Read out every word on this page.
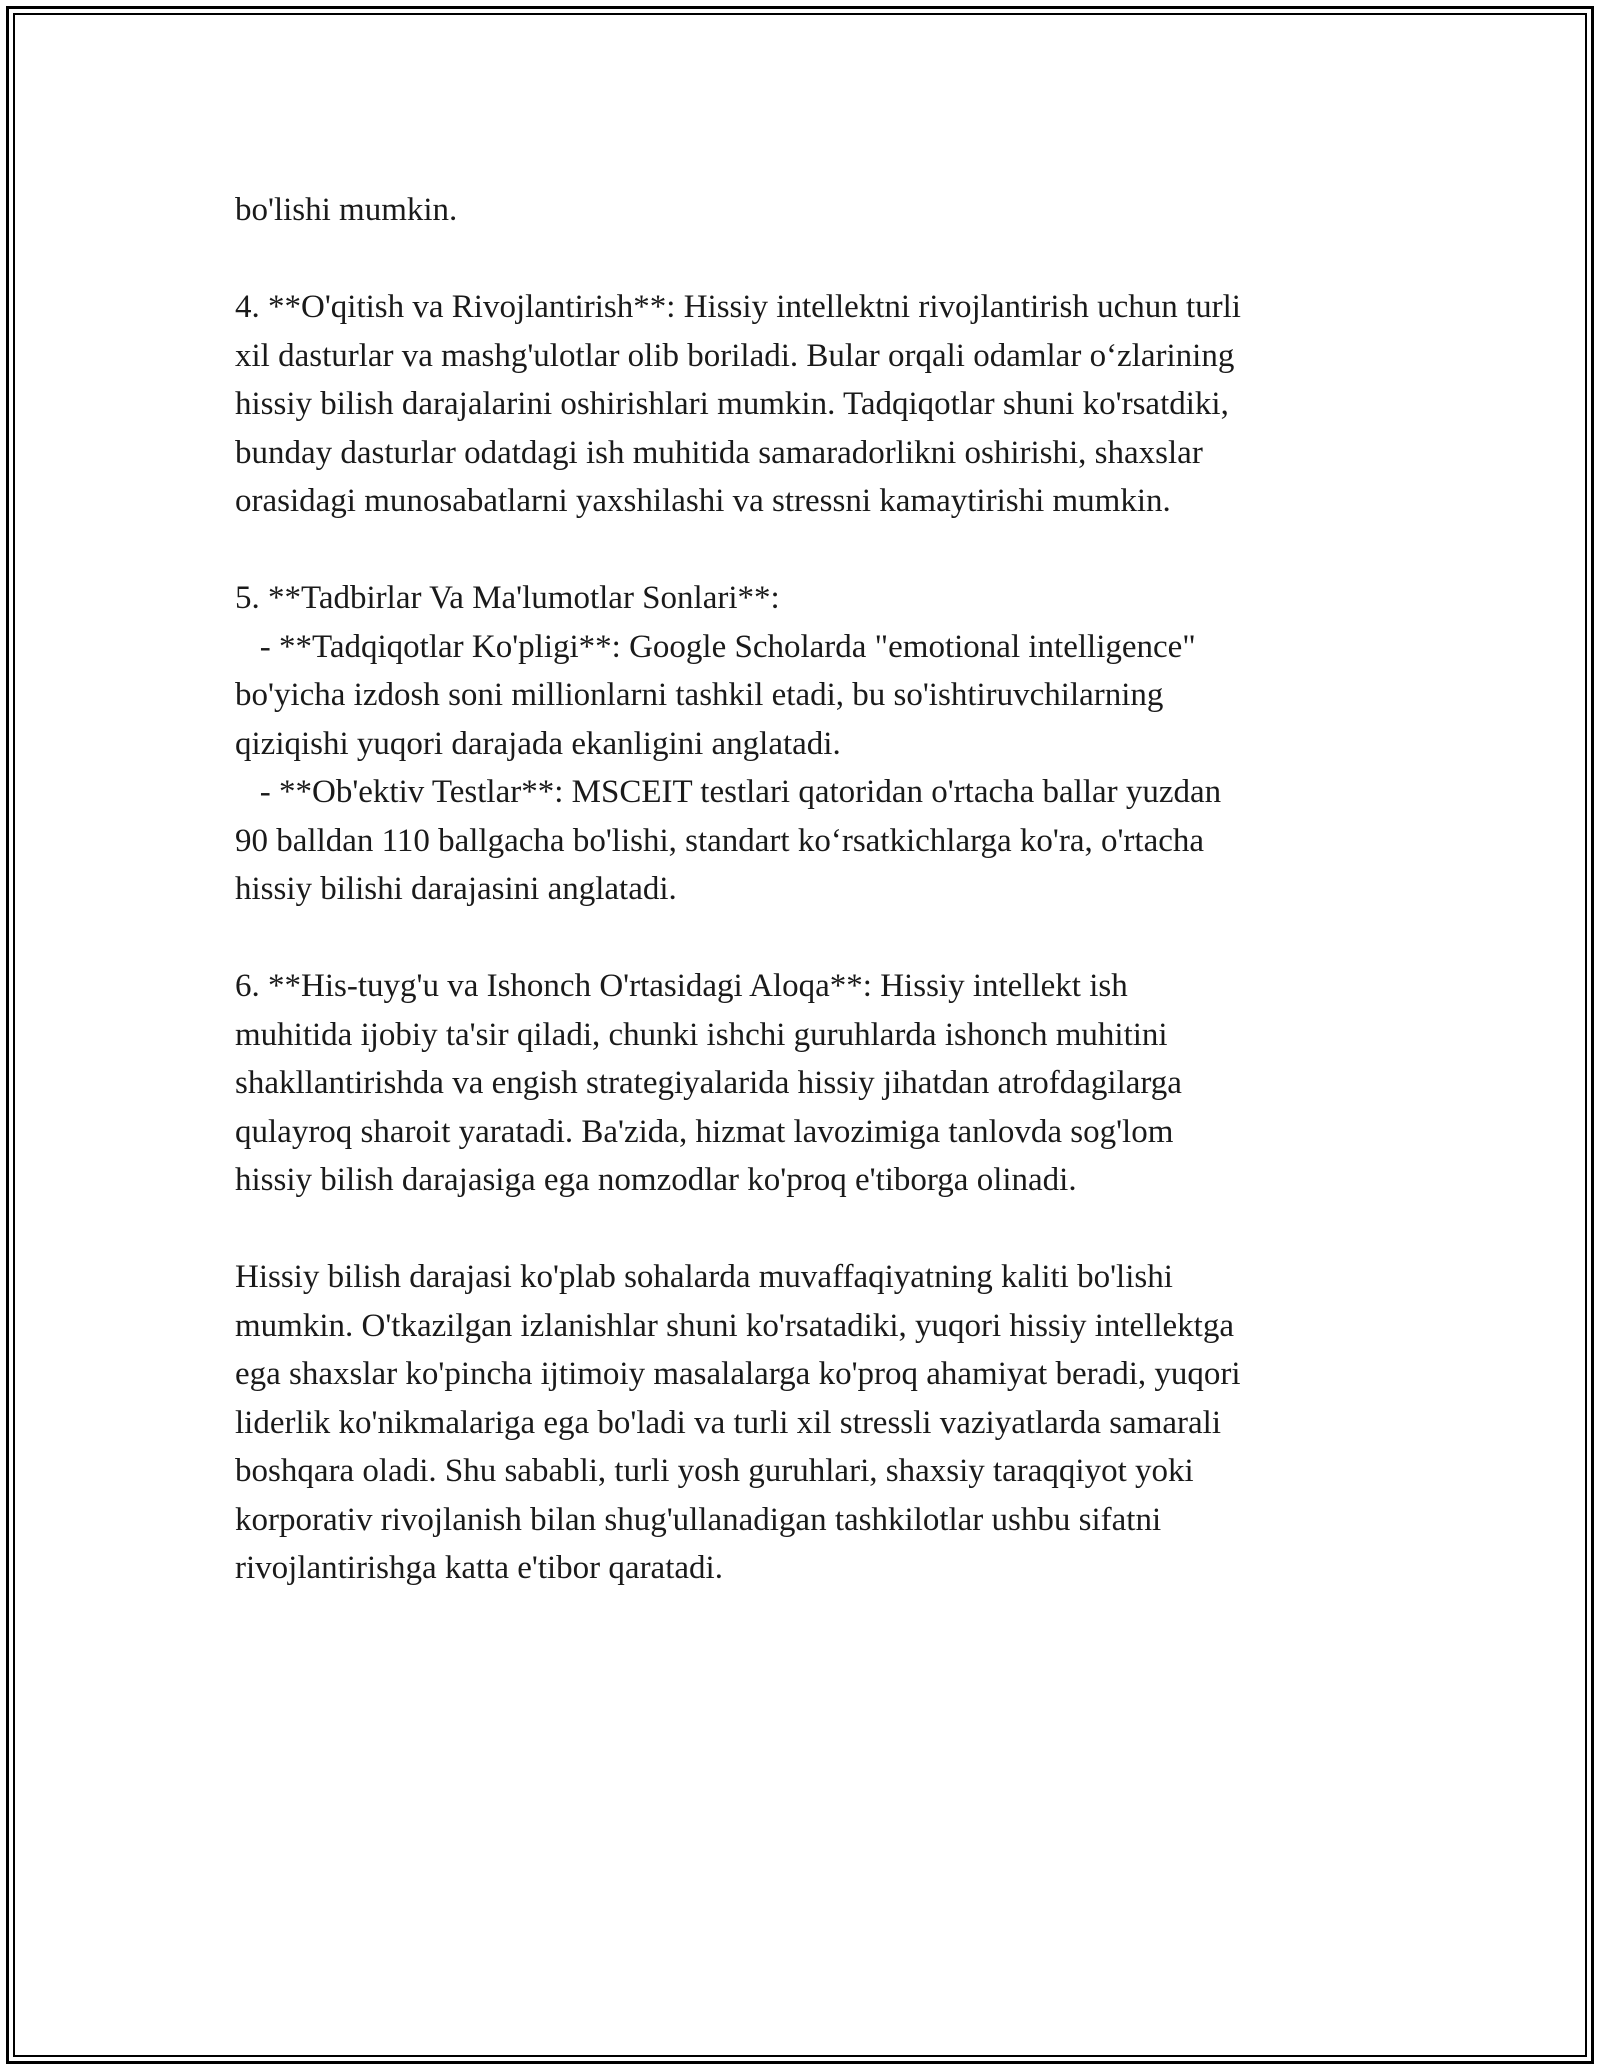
bo'lishi mumkin.
4. **O'qitish va Rivojlantirish**: Hissiy intellektni rivojlantirish uchun turli
xil dasturlar va mashg'ulotlar olib boriladi. Bular orqali odamlar o‘zlarining
hissiy bilish darajalarini oshirishlari mumkin. Tadqiqotlar shuni ko'rsatdiki,
bunday dasturlar odatdagi ish muhitida samaradorlikni oshirishi, shaxslar
orasidagi munosabatlarni yaxshilashi va stressni kamaytirishi mumkin.
5. **Tadbirlar Va Ma'lumotlar Sonlari**:
- **Tadqiqotlar Ko'pligi**: Google Scholarda "emotional intelligence"
bo'yicha izdosh soni millionlarni tashkil etadi, bu so'ishtiruvchilarning
qiziqishi yuqori darajada ekanligini anglatadi.
- **Ob'ektiv Testlar**: MSCEIT testlari qatoridan o'rtacha ballar yuzdan
90 balldan 110 ballgacha bo'lishi, standart ko‘rsatkichlarga ko'ra, o'rtacha
hissiy bilishi darajasini anglatadi.
6. **His-tuyg'u va Ishonch O'rtasidagi Aloqa**: Hissiy intellekt ish
muhitida ijobiy ta'sir qiladi, chunki ishchi guruhlarda ishonch muhitini
shakllantirishda va engish strategiyalarida hissiy jihatdan atrofdagilarga
qulayroq sharoit yaratadi. Ba'zida, hizmat lavozimiga tanlovda sog'lom
hissiy bilish darajasiga ega nomzodlar ko'proq e'tiborga olinadi.
Hissiy bilish darajasi ko'plab sohalarda muvaffaqiyatning kaliti bo'lishi
mumkin. O'tkazilgan izlanishlar shuni ko'rsatadiki, yuqori hissiy intellektga
ega shaxslar ko'pincha ijtimoiy masalalarga ko'proq ahamiyat beradi, yuqori
liderlik ko'nikmalariga ega bo'ladi va turli xil stressli vaziyatlarda samarali
boshqara oladi. Shu sababli, turli yosh guruhlari, shaxsiy taraqqiyot yoki
korporativ rivojlanish bilan shug'ullanadigan tashkilotlar ushbu sifatni
rivojlantirishga katta e'tibor qaratadi.
